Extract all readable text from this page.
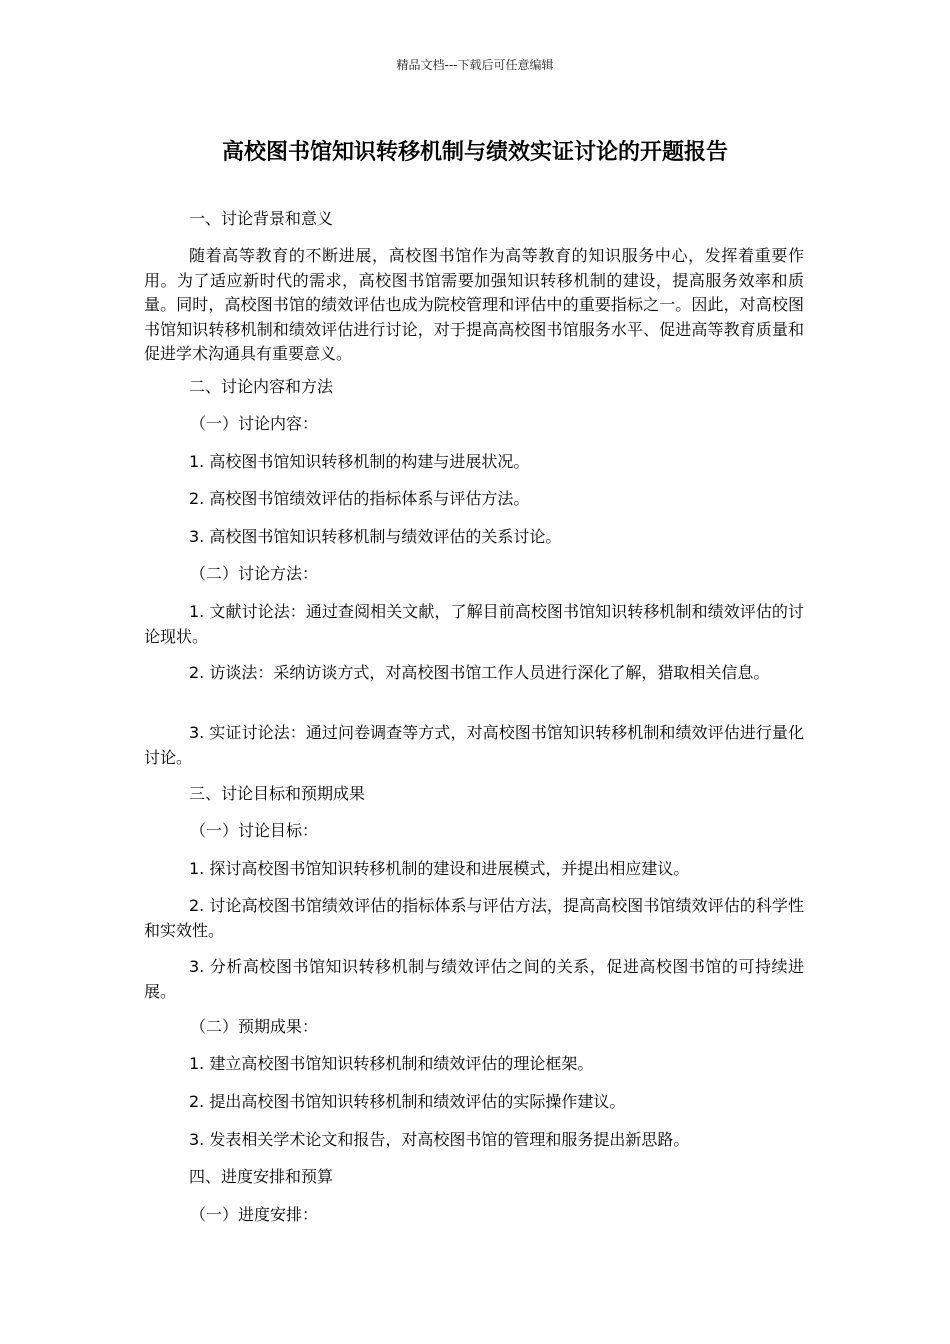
精品文档---下载后可任意编辑
高校图书馆知识转移机制与绩效实证讨论的开题报告

一、讨论背景和意义

随着高等教育的不断进展，高校图书馆作为高等教育的知识服务中心，发挥着重要作用。为了适应新时代的需求，高校图书馆需要加强知识转移机制的建设，提高服务效率和质量。同时，高校图书馆的绩效评估也成为院校管理和评估中的重要指标之一。因此，对高校图书馆知识转移机制和绩效评估进行讨论，对于提高高校图书馆服务水平、促进高等教育质量和促进学术沟通具有重要意义。

二、讨论内容和方法

（一）讨论内容：

1. 高校图书馆知识转移机制的构建与进展状况。

2. 高校图书馆绩效评估的指标体系与评估方法。

3. 高校图书馆知识转移机制与绩效评估的关系讨论。

（二）讨论方法：

1. 文献讨论法：通过查阅相关文献，了解目前高校图书馆知识转移机制和绩效评估的讨论现状。

2. 访谈法：采纳访谈方式，对高校图书馆工作人员进行深化了解，猎取相关信息。

3. 实证讨论法：通过问卷调查等方式，对高校图书馆知识转移机制和绩效评估进行量化讨论。

三、讨论目标和预期成果

（一）讨论目标：

1. 探讨高校图书馆知识转移机制的建设和进展模式，并提出相应建议。

2. 讨论高校图书馆绩效评估的指标体系与评估方法，提高高校图书馆绩效评估的科学性和实效性。

3. 分析高校图书馆知识转移机制与绩效评估之间的关系，促进高校图书馆的可持续进展。

（二）预期成果：

1. 建立高校图书馆知识转移机制和绩效评估的理论框架。

2. 提出高校图书馆知识转移机制和绩效评估的实际操作建议。

3. 发表相关学术论文和报告，对高校图书馆的管理和服务提出新思路。

四、进度安排和预算

（一）进度安排：
